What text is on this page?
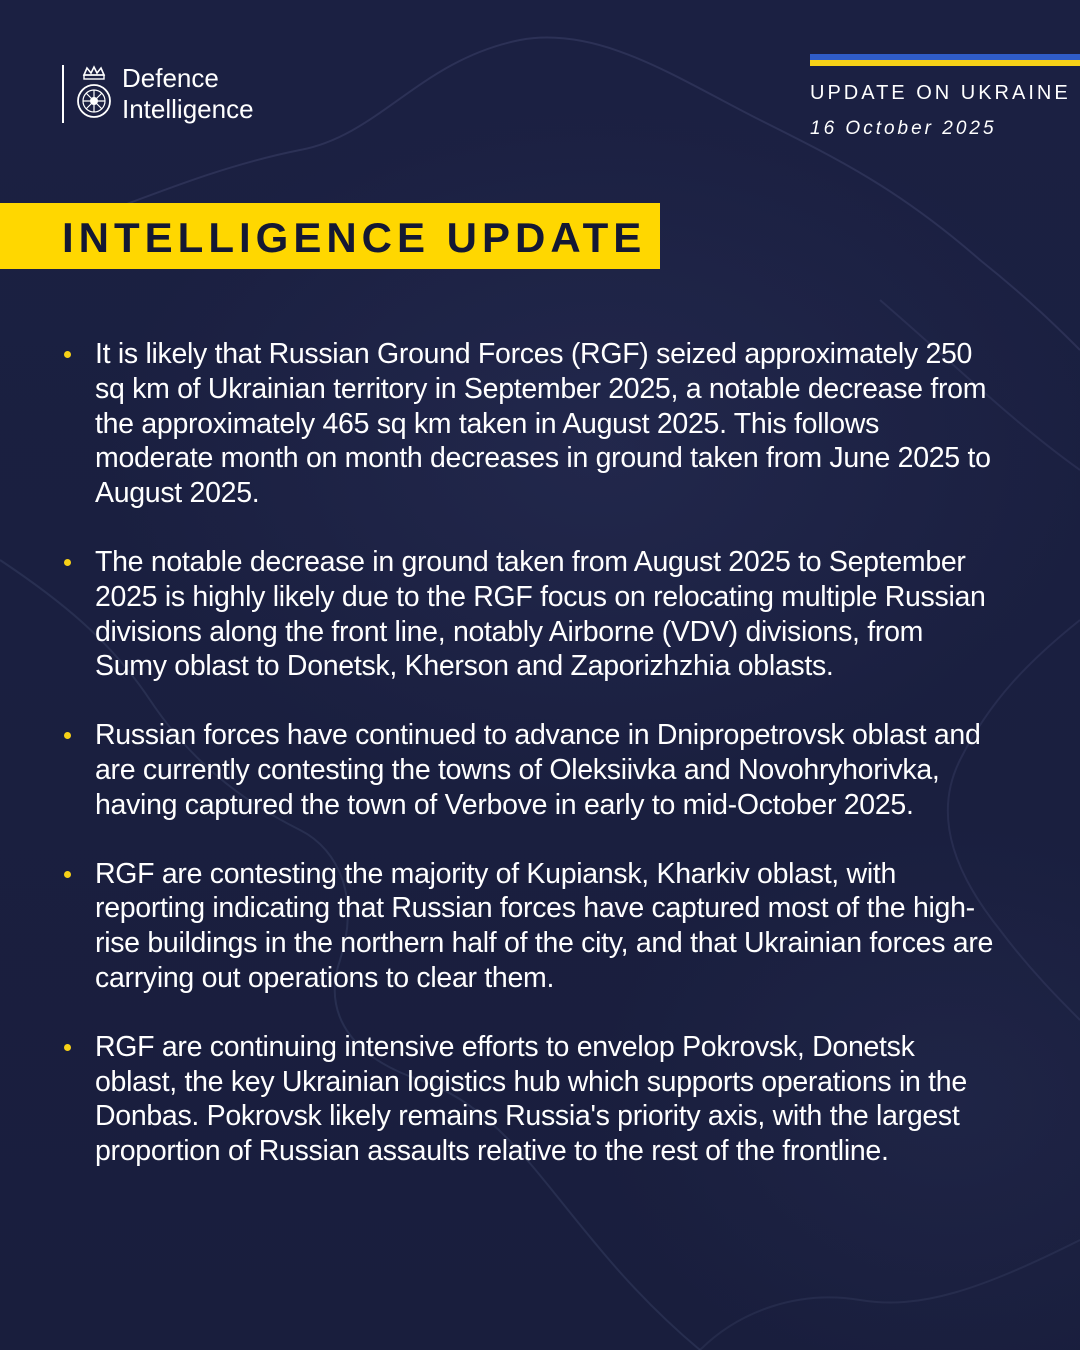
Defence
Intelligence
UPDATE ON UKRAINE
16 October 2025
INTELLIGENCE UPDATE
It is likely that Russian Ground Forces (RGF) seized approximately 250 sq km of Ukrainian territory in September 2025, a notable decrease from the approximately 465 sq km taken in August 2025. This follows moderate month on month decreases in ground taken from June 2025 to August 2025.
The notable decrease in ground taken from August 2025 to September 2025 is highly likely due to the RGF focus on relocating multiple Russian divisions along the front line, notably Airborne (VDV) divisions, from Sumy oblast to Donetsk, Kherson and Zaporizhzhia oblasts.
Russian forces have continued to advance in Dnipropetrovsk oblast and are currently contesting the towns of Oleksiivka and Novohryhorivka, having captured the town of Verbove in early to mid-October 2025.
RGF are contesting the majority of Kupiansk, Kharkiv oblast, with reporting indicating that Russian forces have captured most of the high-rise buildings in the northern half of the city, and that Ukrainian forces are carrying out operations to clear them.
RGF are continuing intensive efforts to envelop Pokrovsk, Donetsk oblast, the key Ukrainian logistics hub which supports operations in the Donbas. Pokrovsk likely remains Russia's priority axis, with the largest proportion of Russian assaults relative to the rest of the frontline.
